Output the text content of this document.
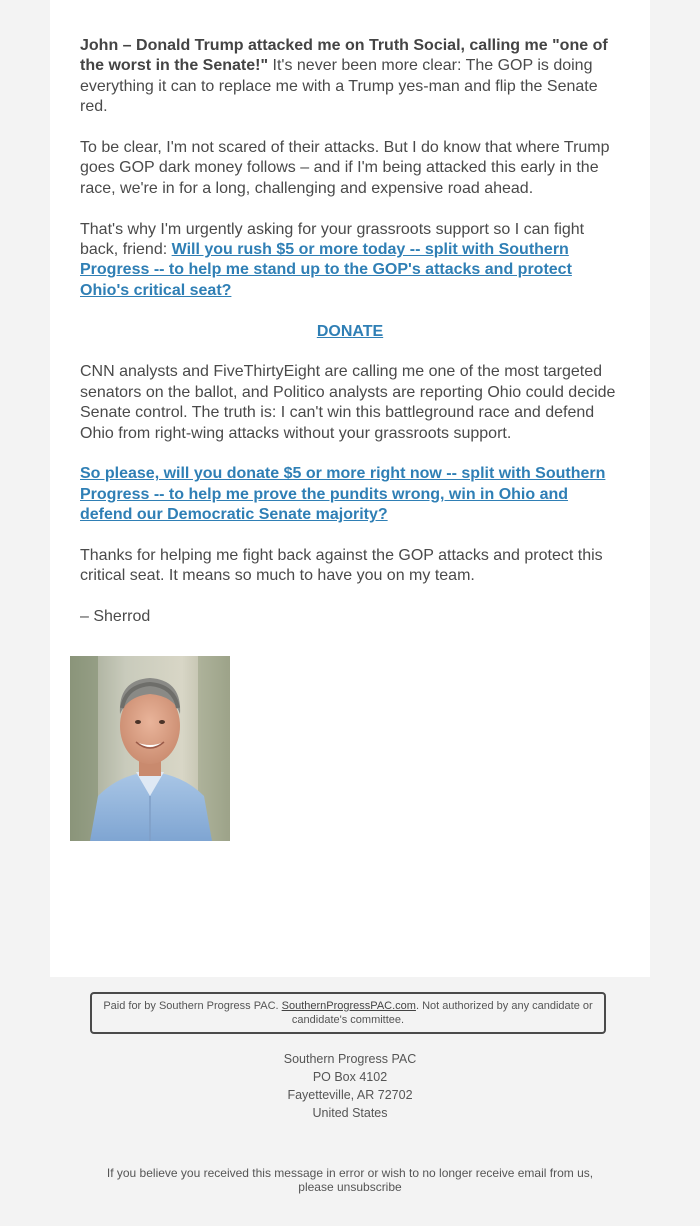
John – Donald Trump attacked me on Truth Social, calling me "one of the worst in the Senate!" It's never been more clear: The GOP is doing everything it can to replace me with a Trump yes-man and flip the Senate red.

To be clear, I'm not scared of their attacks. But I do know that where Trump goes GOP dark money follows – and if I'm being attacked this early in the race, we're in for a long, challenging and expensive road ahead.

That's why I'm urgently asking for your grassroots support so I can fight back, friend: Will you rush $5 or more today -- split with Southern Progress -- to help me stand up to the GOP's attacks and protect Ohio's critical seat?

DONATE

CNN analysts and FiveThirtyEight are calling me one of the most targeted senators on the ballot, and Politico analysts are reporting Ohio could decide Senate control. The truth is: I can't win this battleground race and defend Ohio from right-wing attacks without your grassroots support.

So please, will you donate $5 or more right now -- split with Southern Progress -- to help me prove the pundits wrong, win in Ohio and defend our Democratic Senate majority?

Thanks for helping me fight back against the GOP attacks and protect this critical seat. It means so much to have you on my team.

– Sherrod

Paid for by Southern Progress PAC. SouthernProgressPAC.com. Not authorized by any candidate or candidate's committee.
Southern Progress PAC
PO Box 4102
Fayetteville, AR 72702
United States
If you believe you received this message in error or wish to no longer receive email from us, please unsubscribe
